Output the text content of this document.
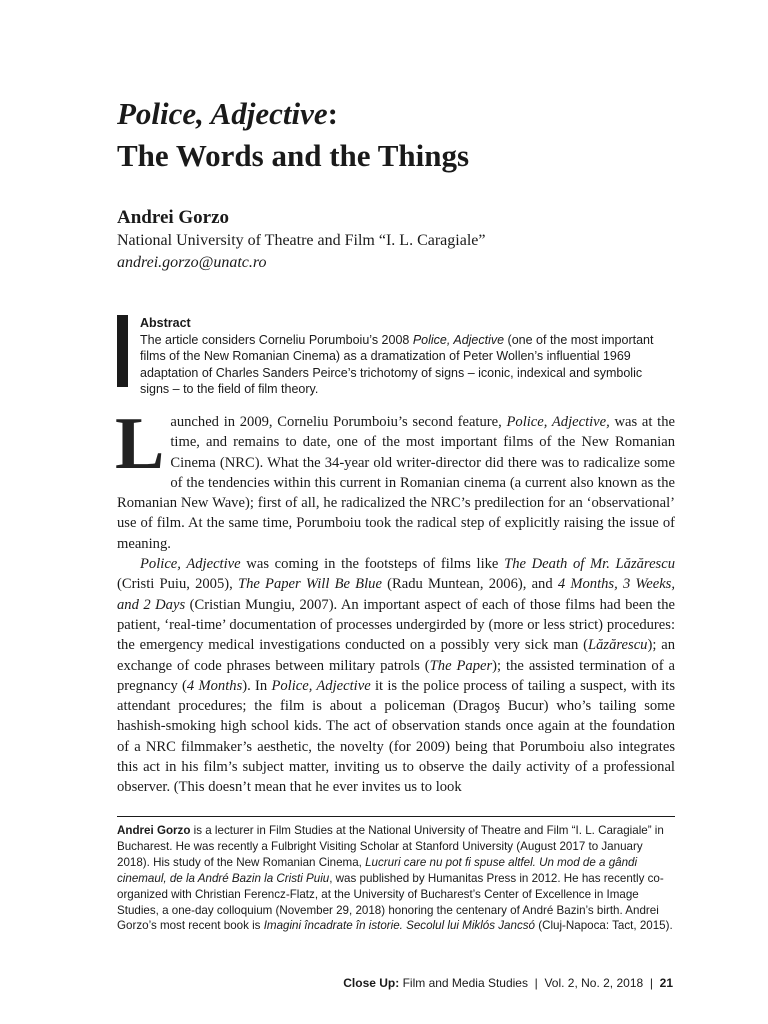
Police, Adjective:
The Words and the Things
Andrei Gorzo
National University of Theatre and Film “I. L. Caragiale”
andrei.gorzo@unatc.ro
Abstract
The article considers Corneliu Porumboiu’s 2008 Police, Adjective (one of the most important films of the New Romanian Cinema) as a dramatization of Peter Wollen’s influential 1969 adaptation of Charles Sanders Peirce’s trichotomy of signs – iconic, indexical and symbolic signs – to the field of film theory.

Launched in 2009, Corneliu Porumboiu’s second feature, Police, Adjective, was at the time, and remains to date, one of the most important films of the New Romanian Cinema (NRC). What the 34-year old writer-director did there was to radicalize some of the tendencies within this current in Romanian cinema (a current also known as the Romanian New Wave); first of all, he radicalized the NRC’s predilection for an ‘observational’ use of film. At the same time, Porumboiu took the radical step of explicitly raising the issue of meaning.

Police, Adjective was coming in the footsteps of films like The Death of Mr. Lăzărescu (Cristi Puiu, 2005), The Paper Will Be Blue (Radu Muntean, 2006), and 4 Months, 3 Weeks, and 2 Days (Cristian Mungiu, 2007). An important aspect of each of those films had been the patient, ‘real-time’ documentation of processes undergirded by (more or less strict) procedures: the emergency medical investigations conducted on a possibly very sick man (Lăzărescu); an exchange of code phrases between military patrols (The Paper); the assisted termination of a pregnancy (4 Months). In Police, Adjective it is the police process of tailing a suspect, with its attendant procedures; the film is about a policeman (Dragoş Bucur) who’s tailing some hashish-smoking high school kids. The act of observation stands once again at the foundation of a NRC filmmaker’s aesthetic, the novelty (for 2009) being that Porumboiu also integrates this act in his film’s subject matter, inviting us to observe the daily activity of a professional observer. (This doesn’t mean that he ever invites us to look

Andrei Gorzo is a lecturer in Film Studies at the National University of Theatre and Film “I. L. Caragiale” in Bucharest. He was recently a Fulbright Visiting Scholar at Stanford University (August 2017 to January 2018). His study of the New Romanian Cinema, Lucruri care nu pot fi spuse altfel. Un mod de a gândi cinemaul, de la André Bazin la Cristi Puiu, was published by Humanitas Press in 2012. He has recently co-organized with Christian Ferencz-Flatz, at the University of Bucharest’s Center of Excellence in Image Studies, a one-day colloquium (November 29, 2018) honoring the centenary of André Bazin’s birth. Andrei Gorzo’s most recent book is Imagini încadrate în istorie. Secolul lui Miklós Jancsó (Cluj-Napoca: Tact, 2015).
Close Up: Film and Media Studies  |  Vol. 2, No. 2, 2018  |  21
